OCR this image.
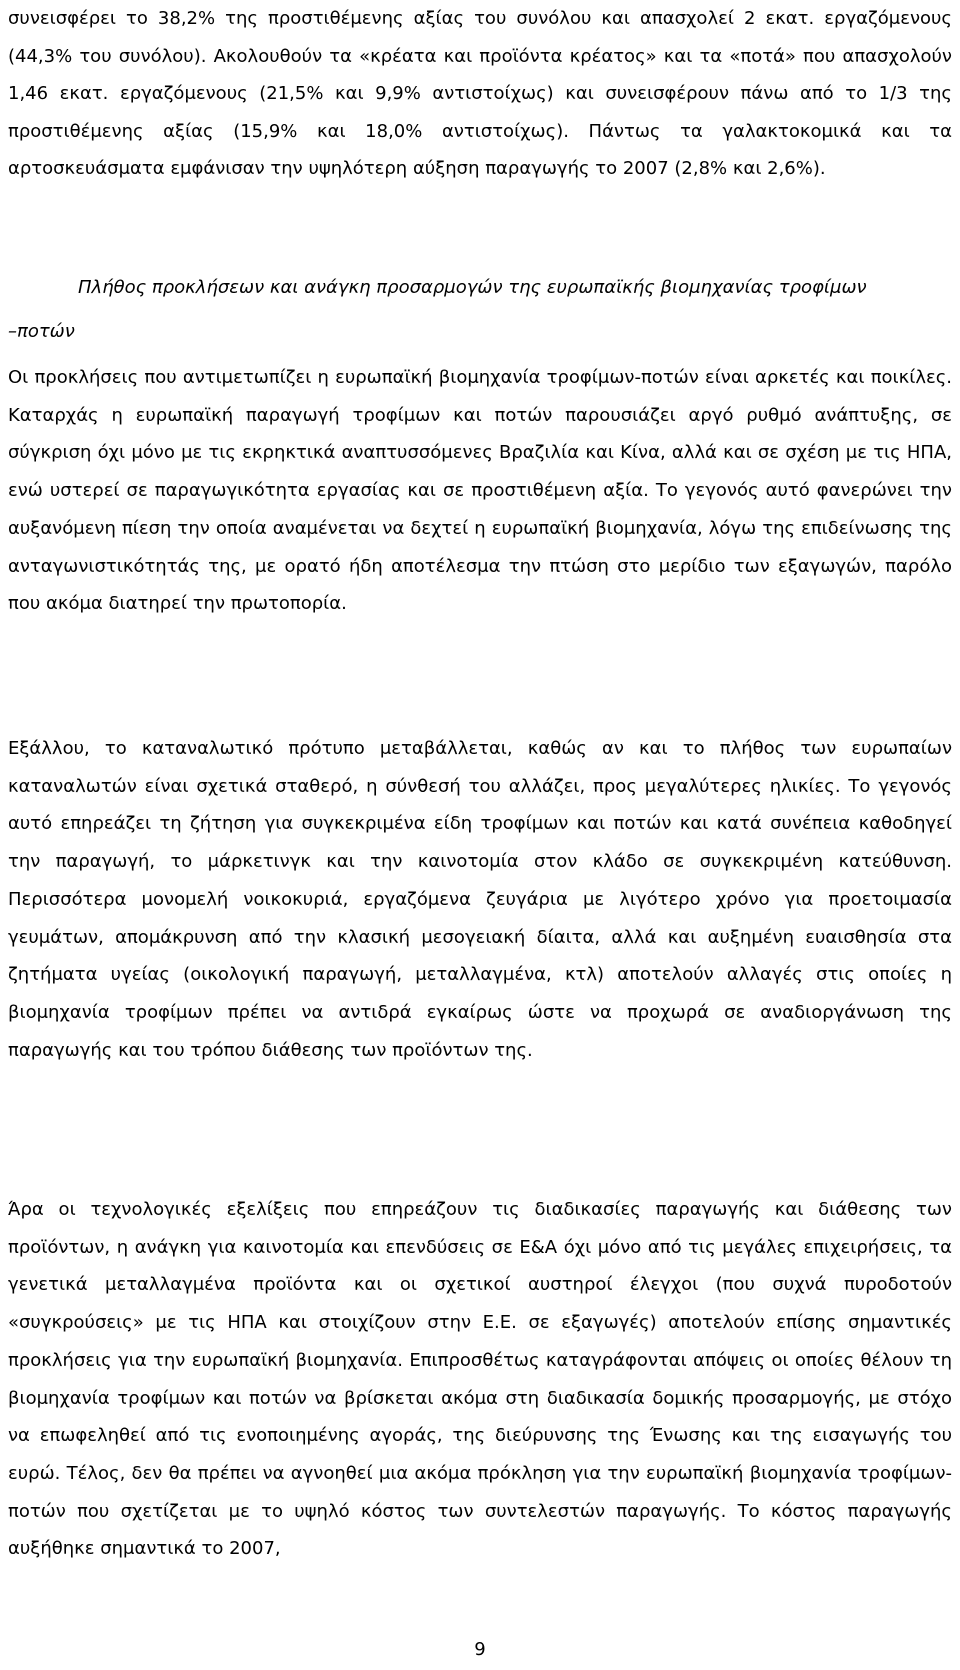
συνεισφέρει το 38,2% της προστιθέμενης αξίας του συνόλου και απασχολεί 2 εκατ. εργαζόμενους (44,3% του συνόλου). Ακολουθούν τα «κρέατα και προϊόντα κρέατος» και τα «ποτά» που απασχολούν 1,46 εκατ. εργαζόμενους (21,5% και 9,9% αντιστοίχως) και συνεισφέρουν πάνω από το 1/3 της προστιθέμενης αξίας (15,9% και 18,0% αντιστοίχως). Πάντως τα γαλακτοκομικά και τα αρτοσκευάσματα εμφάνισαν την υψηλότερη αύξηση παραγωγής το 2007 (2,8% και 2,6%).

Πλήθος προκλήσεων και ανάγκη προσαρμογών της ευρωπαϊκής βιομηχανίας τροφίμων

–ποτών

Οι προκλήσεις που αντιμετωπίζει η ευρωπαϊκή βιομηχανία τροφίμων-ποτών είναι αρκετές και ποικίλες. Καταρχάς η ευρωπαϊκή παραγωγή τροφίμων και ποτών παρουσιάζει αργό ρυθμό ανάπτυξης, σε σύγκριση όχι μόνο με τις εκρηκτικά αναπτυσσόμενες Βραζιλία και Κίνα, αλλά και σε σχέση με τις ΗΠΑ, ενώ υστερεί σε παραγωγικότητα εργασίας και σε προστιθέμενη αξία. Το γεγονός αυτό φανερώνει την αυξανόμενη πίεση την οποία αναμένεται να δεχτεί η ευρωπαϊκή βιομηχανία, λόγω της επιδείνωσης της ανταγωνιστικότητάς της, με ορατό ήδη αποτέλεσμα την πτώση στο μερίδιο των εξαγωγών, παρόλο που ακόμα διατηρεί την πρωτοπορία.

Εξάλλου, το καταναλωτικό πρότυπο μεταβάλλεται, καθώς αν και το πλήθος των ευρωπαίων καταναλωτών είναι σχετικά σταθερό, η σύνθεσή του αλλάζει, προς μεγαλύτερες ηλικίες. Το γεγονός αυτό επηρεάζει τη ζήτηση για συγκεκριμένα είδη τροφίμων και ποτών και κατά συνέπεια καθοδηγεί την παραγωγή, το μάρκετινγκ και την καινοτομία στον κλάδο σε συγκεκριμένη κατεύθυνση. Περισσότερα μονομελή νοικοκυριά, εργαζόμενα ζευγάρια με λιγότερο χρόνο για προετοιμασία γευμάτων, απομάκρυνση από την κλασική μεσογειακή δίαιτα, αλλά και αυξημένη ευαισθησία στα ζητήματα υγείας (οικολογική παραγωγή, μεταλλαγμένα, κτλ) αποτελούν αλλαγές στις οποίες η βιομηχανία τροφίμων πρέπει να αντιδρά εγκαίρως ώστε να προχωρά σε αναδιοργάνωση της παραγωγής και του τρόπου διάθεσης των προϊόντων της.

Άρα οι τεχνολογικές εξελίξεις που επηρεάζουν τις διαδικασίες παραγωγής και διάθεσης των προϊόντων, η ανάγκη για καινοτομία και επενδύσεις σε Ε&Α όχι μόνο από τις μεγάλες επιχειρήσεις, τα γενετικά μεταλλαγμένα προϊόντα και οι σχετικοί αυστηροί έλεγχοι (που συχνά πυροδοτούν «συγκρούσεις» με τις ΗΠΑ και στοιχίζουν στην Ε.Ε. σε εξαγωγές) αποτελούν επίσης σημαντικές προκλήσεις για την ευρωπαϊκή βιομηχανία. Επιπροσθέτως καταγράφονται απόψεις οι οποίες θέλουν τη βιομηχανία τροφίμων και ποτών να βρίσκεται ακόμα στη διαδικασία δομικής προσαρμογής, με στόχο να επωφεληθεί από τις ενοποιημένης αγοράς, της διεύρυνσης της Ένωσης και της εισαγωγής του ευρώ. Τέλος, δεν θα πρέπει να αγνοηθεί μια ακόμα πρόκληση για την ευρωπαϊκή βιομηχανία τροφίμων-ποτών που σχετίζεται με το υψηλό κόστος των συντελεστών παραγωγής. Το κόστος παραγωγής αυξήθηκε σημαντικά το 2007,

9
